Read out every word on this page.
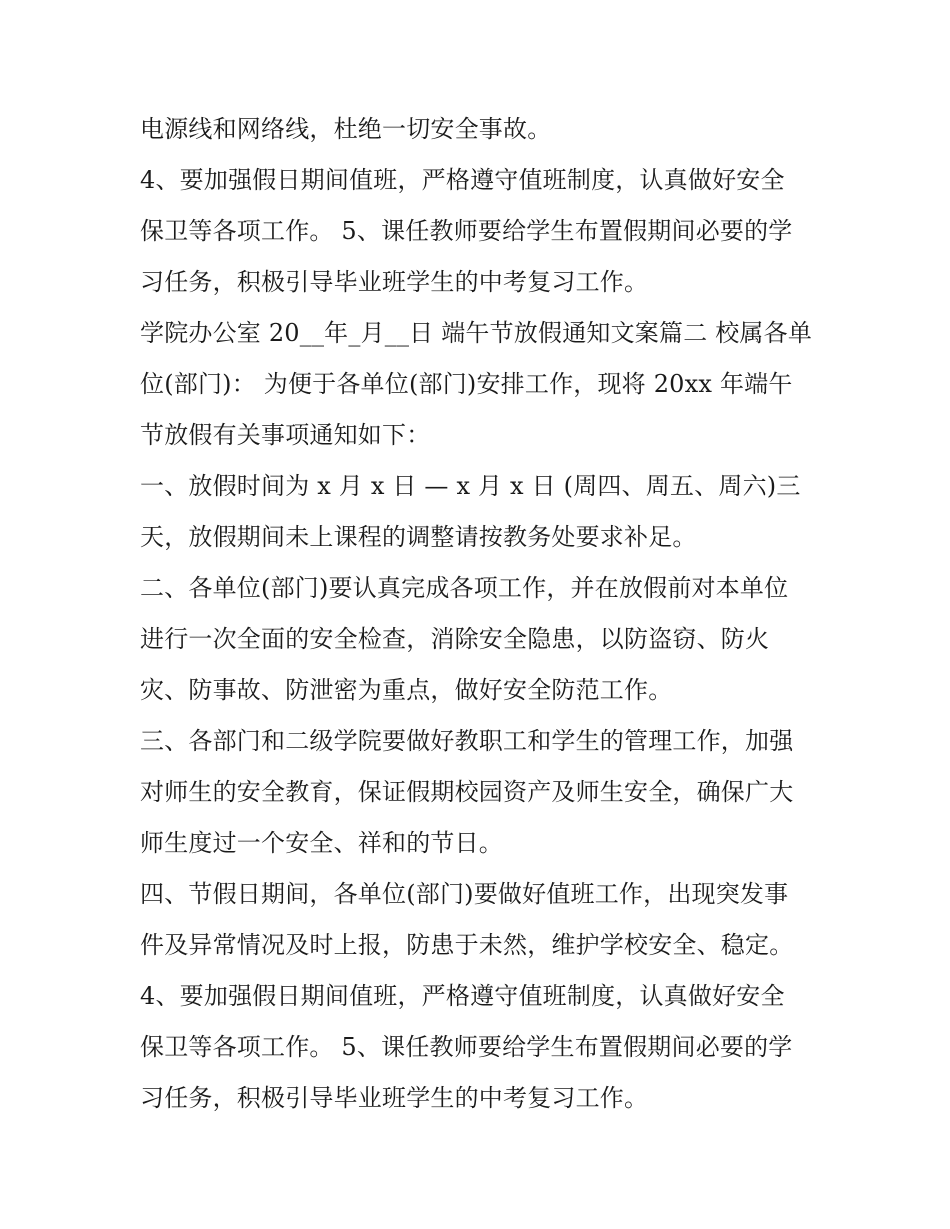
电源线和网络线，杜绝一切安全事故。
4、要加强假日期间值班，严格遵守值班制度，认真做好安全
保卫等各项工作。 5、课任教师要给学生布置假期间必要的学
习任务，积极引导毕业班学生的中考复习工作。
学院办公室 20__年_月__日 端午节放假通知文案篇二 校属各单
位(部门)： 为便于各单位(部门)安排工作，现将 20xx 年端午
节放假有关事项通知如下：
一、放假时间为 x 月 x 日 — x 月 x 日 (周四、周五、周六)三
天，放假期间未上课程的调整请按教务处要求补足。
二、各单位(部门)要认真完成各项工作，并在放假前对本单位
进行一次全面的安全检查，消除安全隐患，以防盗窃、防火
灾、防事故、防泄密为重点，做好安全防范工作。
三、各部门和二级学院要做好教职工和学生的管理工作，加强
对师生的安全教育，保证假期校园资产及师生安全，确保广大
师生度过一个安全、祥和的节日。
四、节假日期间，各单位(部门)要做好值班工作，出现突发事
件及异常情况及时上报，防患于未然，维护学校安全、稳定。
4、要加强假日期间值班，严格遵守值班制度，认真做好安全
保卫等各项工作。 5、课任教师要给学生布置假期间必要的学
习任务，积极引导毕业班学生的中考复习工作。
